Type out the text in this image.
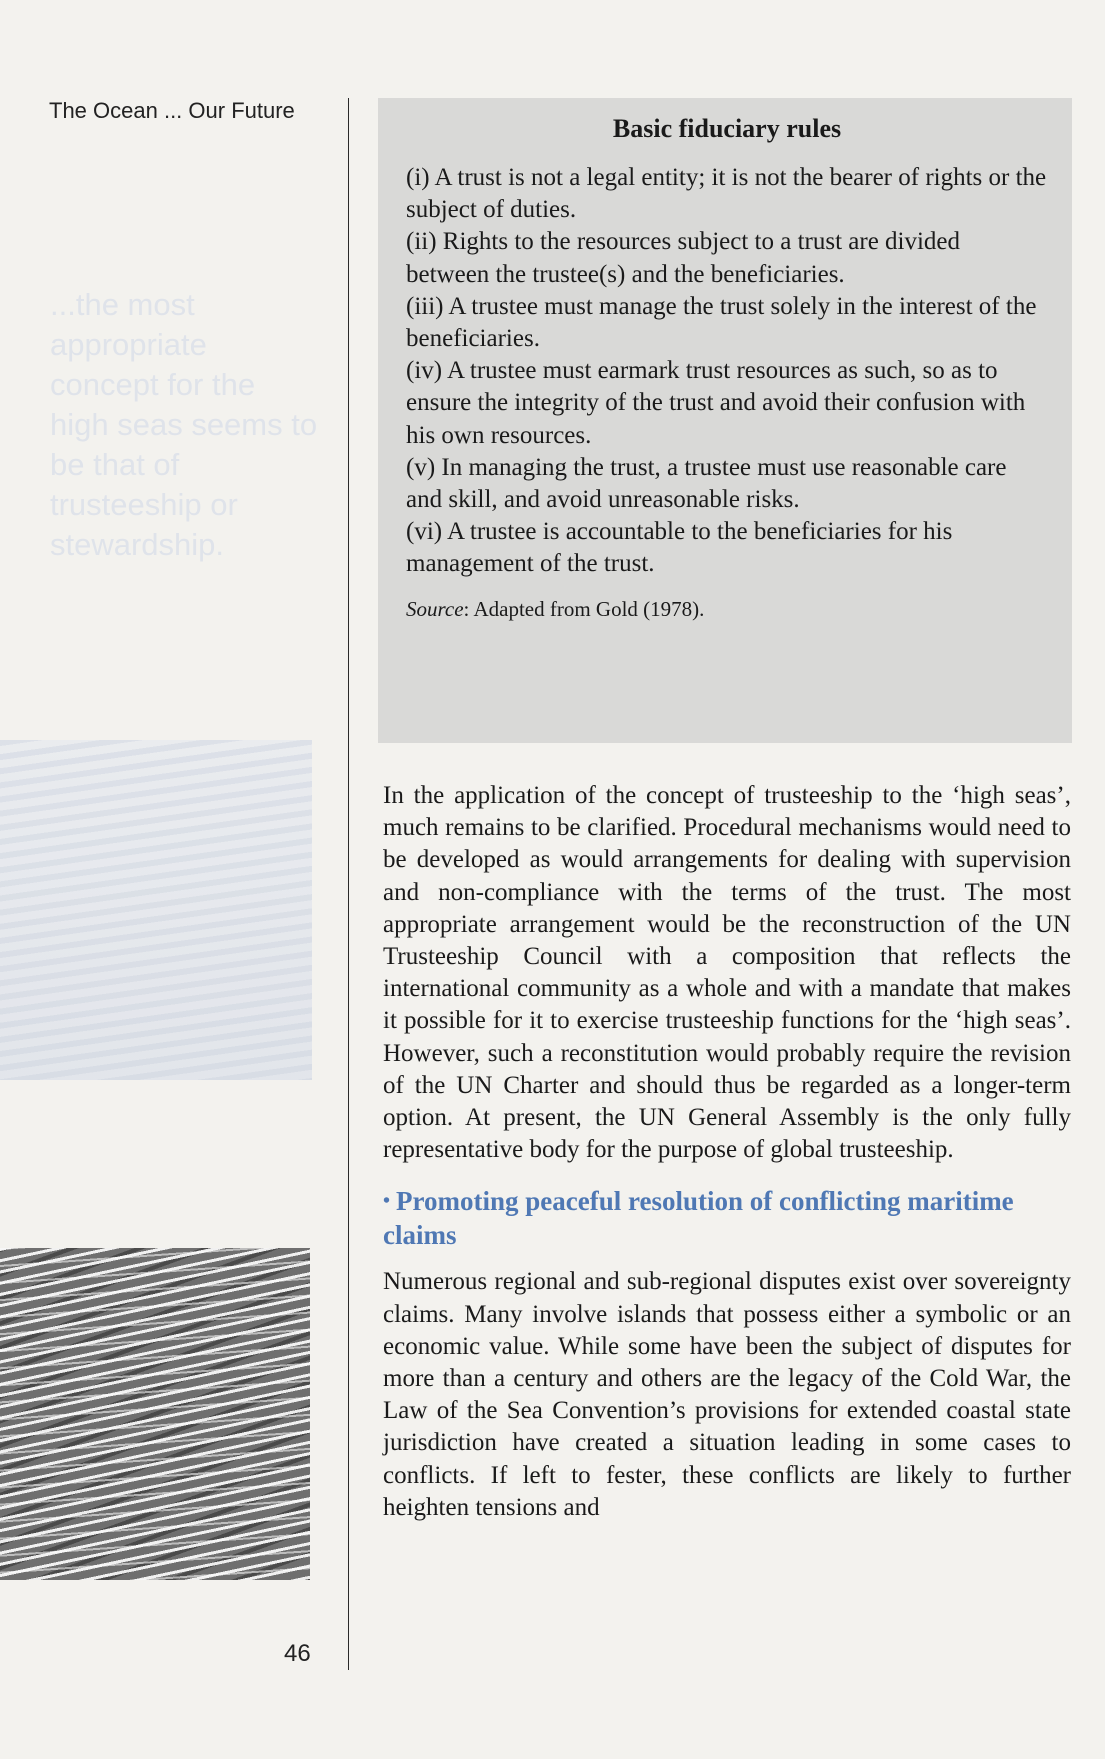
The Ocean ... Our Future
...the most appropriate concept for the high seas seems to be that of trusteeship or stewardship.
46
Basic fiduciary rules
(i) A trust is not a legal entity; it is not the bearer of rights or the subject of duties.
(ii) Rights to the resources subject to a trust are divided between the trustee(s) and the beneficiaries.
(iii) A trustee must manage the trust solely in the interest of the beneficiaries.
(iv) A trustee must earmark trust resources as such, so as to ensure the integrity of the trust and avoid their confusion with his own resources.
(v) In managing the trust, a trustee must use reasonable care and skill, and avoid unreasonable risks.
(vi) A trustee is accountable to the beneficiaries for his management of the trust.
Source: Adapted from Gold (1978).

In the application of the concept of trusteeship to the ‘high seas’, much remains to be clarified. Procedural mechanisms would need to be developed as would arrangements for dealing with supervision and non-compliance with the terms of the trust. The most appropriate arrangement would be the reconstruction of the UN Trusteeship Council with a composition that reflects the international community as a whole and with a mandate that makes it possible for it to exercise trusteeship functions for the ‘high seas’. However, such a reconstitution would probably require the revision of the UN Charter and should thus be regarded as a longer-term option. At present, the UN General Assembly is the only fully representative body for the purpose of global trusteeship.

• Promoting peaceful resolution of conflicting maritime claims

Numerous regional and sub-regional disputes exist over sovereignty claims. Many involve islands that possess either a symbolic or an economic value. While some have been the subject of disputes for more than a century and others are the legacy of the Cold War, the Law of the Sea Convention’s provisions for extended coastal state jurisdiction have created a situation leading in some cases to conflicts. If left to fester, these conflicts are likely to further heighten tensions and
